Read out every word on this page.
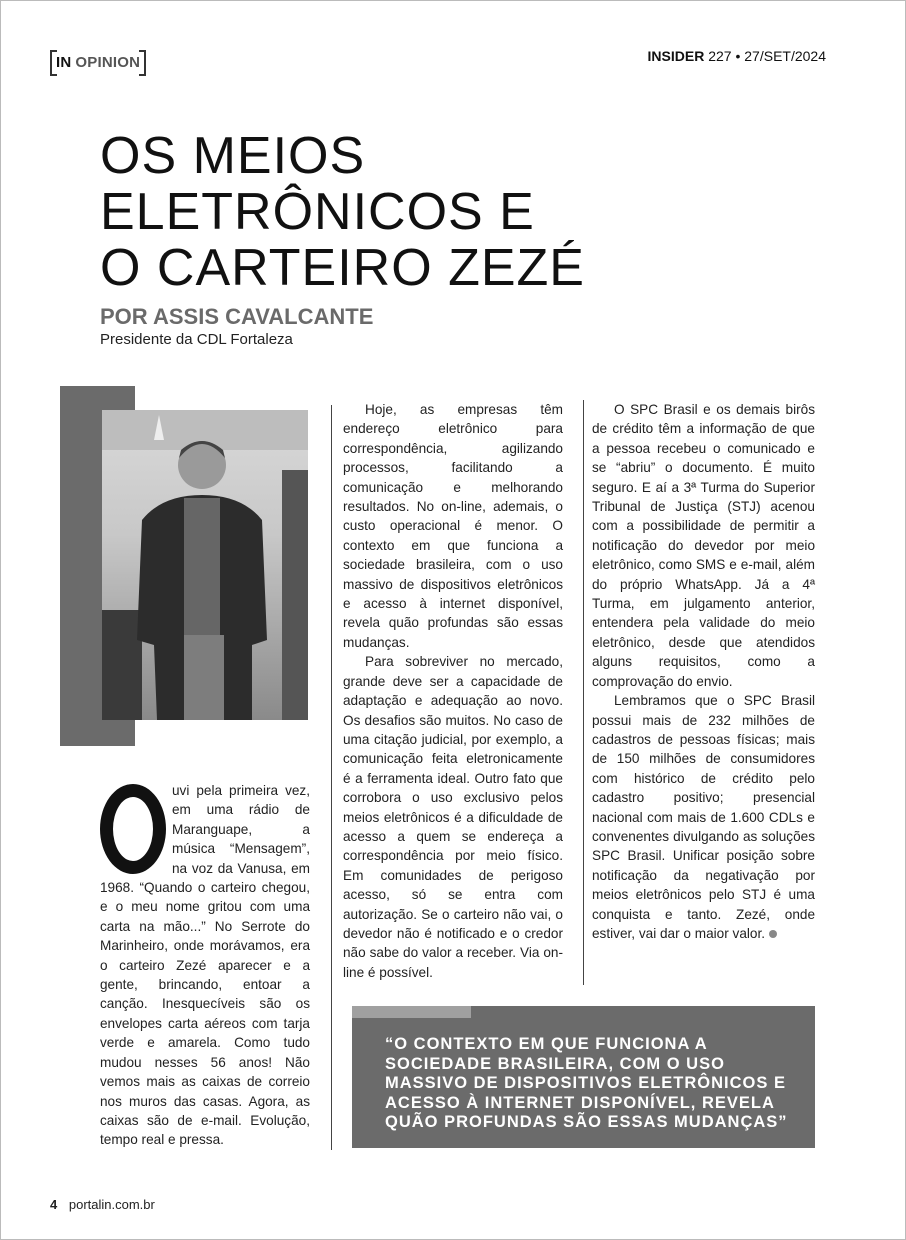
IN OPINION	INSIDER 227 • 27/SET/2024
OS MEIOS
ELETRÔNICOS E
O CARTEIRO ZEZÉ
POR ASSIS CAVALCANTE
Presidente da CDL Fortaleza

uvi pela primeira vez, em uma rádio de Maranguape, a música “Mensagem”, na voz da Vanusa, em 1968. “Quando o carteiro chegou, e o meu nome gritou com uma carta na mão...” No Serrote do Marinheiro, onde morávamos, era o carteiro Zezé aparecer e a gente, brincando, entoar a canção. Inesquecíveis são os envelopes carta aéreos com tarja verde e amarela. Como tudo mudou nesses 56 anos! Não vemos mais as caixas de correio nos muros das casas. Agora, as caixas são de e-mail. Evolução, tempo real e pressa.

Hoje, as empresas têm endereço eletrônico para correspondência, agilizando processos, facilitando a comunicação e melhorando resultados. No on-line, ademais, o custo operacional é menor. O contexto em que funciona a sociedade brasileira, com o uso massivo de dispositivos eletrônicos e acesso à internet disponível, revela quão profundas são essas mudanças.

Para sobreviver no mercado, grande deve ser a capacidade de adaptação e adequação ao novo. Os desafios são muitos. No caso de uma citação judicial, por exemplo, a comunicação feita eletronicamente é a ferramenta ideal. Outro fato que corrobora o uso exclusivo pelos meios eletrônicos é a dificuldade de acesso a quem se endereça a correspondência por meio físico. Em comunidades de perigoso acesso, só se entra com autorização. Se o carteiro não vai, o devedor não é notificado e o credor não sabe do valor a receber. Via on-line é possível.

O SPC Brasil e os demais birôs de crédito têm a informação de que a pessoa recebeu o comunicado e se “abriu” o documento. É muito seguro. E aí a 3ª Turma do Superior Tribunal de Justiça (STJ) acenou com a possibilidade de permitir a notificação do devedor por meio eletrônico, como SMS e e-mail, além do próprio WhatsApp. Já a 4ª Turma, em julgamento anterior, entendera pela validade do meio eletrônico, desde que atendidos alguns requisitos, como a comprovação do envio.

Lembramos que o SPC Brasil possui mais de 232 milhões de cadastros de pessoas físicas; mais de 150 milhões de consumidores com histórico de crédito pelo cadastro positivo; presencial nacional com mais de 1.600 CDLs e convenentes divulgando as soluções SPC Brasil. Unificar posição sobre notificação da negativação por meios eletrônicos pelo STJ é uma conquista e tanto. Zezé, onde estiver, vai dar o maior valor.

“O CONTEXTO EM QUE FUNCIONA A SOCIEDADE BRASILEIRA, COM O USO MASSIVO DE DISPOSITIVOS ELETRÔNICOS E ACESSO À INTERNET DISPONÍVEL, REVELA QUÃO PROFUNDAS SÃO ESSAS MUDANÇAS”
4 portalin.com.br
